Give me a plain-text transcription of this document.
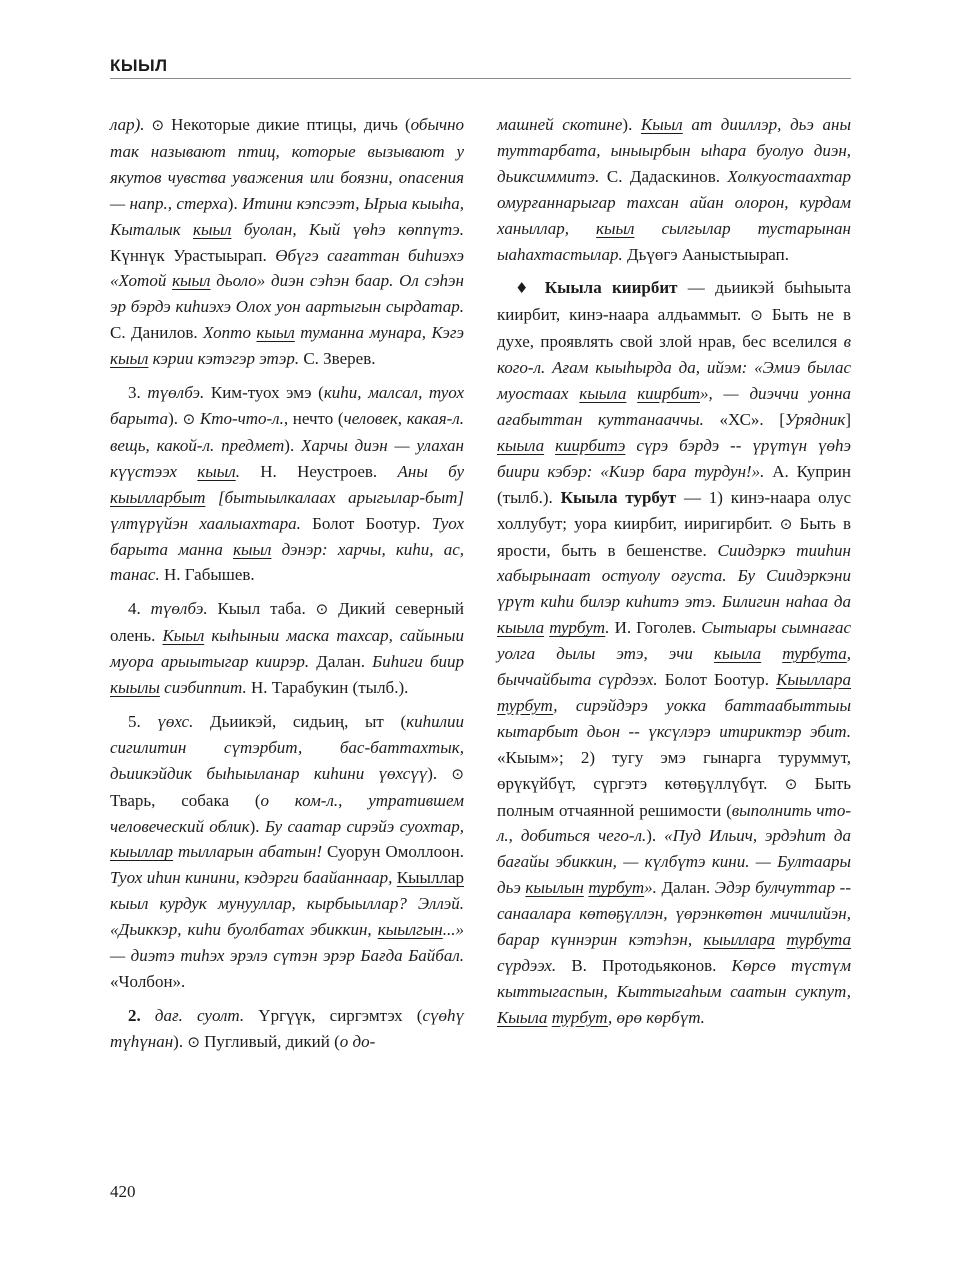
КЫЫЛ

лар). ⊙ Некоторые дикие птицы, дичь (обычно так называют птиц, которые вызывают у якутов чувства уважения или боязни, опасения — напр., стерха). Итини кэпсээт, Ырыа кыыһа, Кыталык кыыл буолан, Кый үөһэ көппүтэ. Күннүк Урастыырап. Өбүгэ сағаттан биһиэхэ «Хотой кыыл дьоло» диэн сэһэн баар. Ол сэһэн эр бэрдэ киһиэхэ Олох уон аартыгын сырдатар. С. Данилов. Хопто кыыл туманна мунара, Кэгэ кыыл кэрии кэтэгэр этэр. С. Зверев.

3. түөлбэ. Ким-туох эмэ (киһи, малсал, туох барыта). ⊙ Кто-что-л., нечто (человек, какая-л. вещь, какой-л. предмет). Харчы диэн — улахан күүстээх кыыл. Н. Неустроев. Аны бу кыылларбыт [бытыылкалаах арыгылар-быт] үлтүрүйэн хаалыахтара. Болот Боотур. Туох барыта манна кыыл дэнэр: харчы, киһи, ас, танас. Н. Габышев.

4. түөлбэ. Кыыл таба. ⊙ Дикий северный олень. Кыыл кыһыныи маска тахсар, сайыныи муора арыытыгар киирэр. Далан. Биһиги биир кыылы сиэбиппит. Н. Тарабукин (тылб.).

5. үөхс. Дьиикэй, сидьиң, ыт (киһилии сигилитин сүтэрбит, бас-баттахтык, дьиикэйдик быһыыланар киһини үөхсүү). ⊙ Тварь, собака (о ком-л., утратившем человеческий облик). Бу саатар сирэйэ суохтар, кыыллар тылларын абатын! Суорун Омоллоон. Туох иһин кинини, кэдэрги баайаннаар, Кыыллар кыыл курдук мунууллар, кырбыыллар? Эллэй. «Дьиккэр, киһи буолбатах эбиккин, кыылгын...» — диэтэ тиһэх эрэлэ сүтэн эрэр Бағда Байбал. «Чолбон».

2. дағ. суолт. Үргүүк, сиргэмтэх (сүөһү түһүнан). ⊙ Пугливый, дикий (о до-

машней скотине). Кыыл ат дииллэр, дьэ аны туттарбата, ыныырбын ыһара буолуо диэн, дьиксиммитэ. С. Дадаскинов. Холкуостаахтар омурғаннарыгар тахсан айан олорон, курдам ханыллар, кыыл сылгылар тустарынан ыаһахтастылар. Дьүөгэ Ааныстыырап.

♦ Кыыла киирбит — дьиикэй быһыыта киирбит, кинэ-наара алдьаммыт. ⊙ Быть не в духе, проявлять свой злой нрав, бес вселился в кого-л. Ағам кыыһырда да, ийэм: «Эмиэ былас муостаах кыыла киирбит», — диэччи уонна ағабыттан куттанааччы. «ХС». [Урядник] кыыла киирбитэ сүрэ бэрдэ -- үрүтүн үөһэ биири кэбэр: «Киэр бара турдун!». А. Куприн (тылб.). Кыыла турбут — 1) кинэ-наара олус холлубут; уора киирбит, ииригирбит. ⊙ Быть в ярости, быть в бешенстве. Сиидэркэ тииһин хабырынаат остуолу оғуста. Бу Сиидэркэни үрүт киһи билэр киһитэ этэ. Билигин наһаа да кыыла турбут. И. Гоголев. Сытыары сымнағас уолга дылы этэ, эчи кыыла турбута, быччайбыта сүрдээх. Болот Боотур. Кыыллара турбут, сирэйдэрэ уокка баттаабыттыы кытарбыт дьон -- үксүлэрэ итириктэр эбит. «Кыым»; 2) тугу эмэ гынарга туруммут, өрүкүйбүт, сүргэтэ көтөҕүллүбүт. ⊙ Быть полным отчаянной решимости (выполнить что-л., добиться чего-л.). «Пуд Ильич, эрдэһит да бағайы эбиккин, — күлбүтэ кини. — Бултаары дьэ кыылын турбут». Далан. Эдэр булчуттар -- санаалара көтөҕүллэн, үөрэнкөтөн мичилийэн, барар күннэрин кэтэһэн, кыыллара турбута сүрдээх. В. Протодьяконов. Көрсө түстүм кыттыгаспын, Кыттыгаһым саатын сукпут, Кыыла турбут, өрө көрбүт.

420
